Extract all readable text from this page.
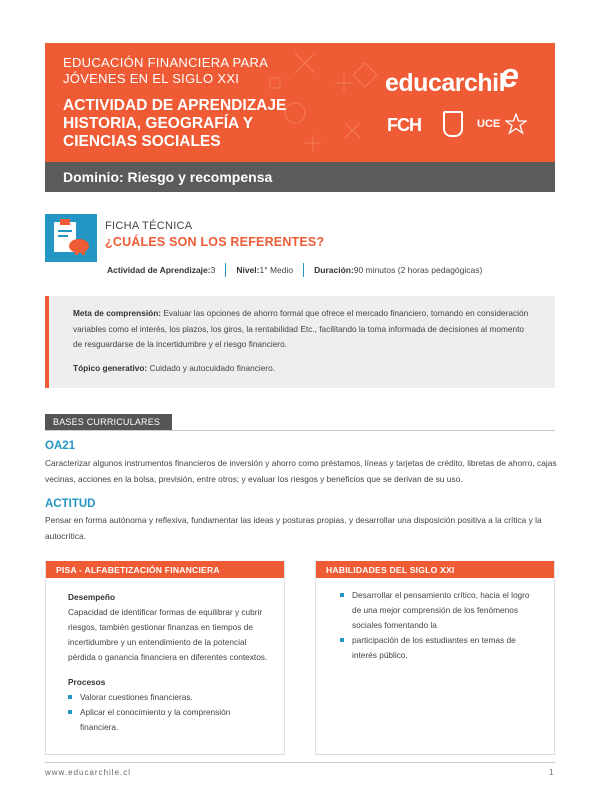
EDUCACIÓN FINANCIERA PARA JÓVENES EN EL SIGLO XXI
ACTIVIDAD DE APRENDIZAJE HISTORIA, GEOGRAFÍA Y CIENCIAS SOCIALES
educarchil
e
FCH	UCE
Dominio: Riesgo y recompensa
FICHA TÉCNICA
¿CUÁLES SON LOS REFERENTES?
Actividad de Aprendizaje: 3 Nivel: 1° Medio Duración: 90 minutos (2 horas pedagógicas)

Meta de comprensión: Evaluar las opciones de ahorro formal que ofrece el mercado financiero, tomando en consideración variables como el interés, los plazos, los giros, la rentabilidad Etc., facilitando la toma informada de decisiones al momento de resguardarse de la incertidumbre y el riesgo financiero.

Tópico generativo: Cuidado y autocuidado financiero.

BASES CURRICULARES
OA21
Caracterizar algunos instrumentos financieros de inversión y ahorro como préstamos, líneas y tarjetas de crédito, libretas de ahorro, cajas vecinas, acciones en la bolsa, previsión, entre otros; y evaluar los riesgos y beneficios que se derivan de su uso.
ACTITUD
Pensar en forma autónoma y reflexiva, fundamentar las ideas y posturas propias, y desarrollar una disposición positiva a la crítica y la autocrítica.
PISA - ALFABETIZACIÓN FINANCIERA
Desempeño
Capacidad de identificar formas de equilibrar y cubrir riesgos, también gestionar finanzas en tiempos de incertidumbre y un entendimiento de la potencial pérdida o ganancia financiera en diferentes contextos.
Procesos
Valorar cuestiones financieras.
Aplicar el conocimiento y la comprensión financiera.
HABILIDADES DEL SIGLO XXI
Desarrollar el pensamiento crítico, hacia el logro de una mejor comprensión de los fenómenos sociales fomentando la
participación de los estudiantes en temas de interés público.
www.educarchile.cl	1
